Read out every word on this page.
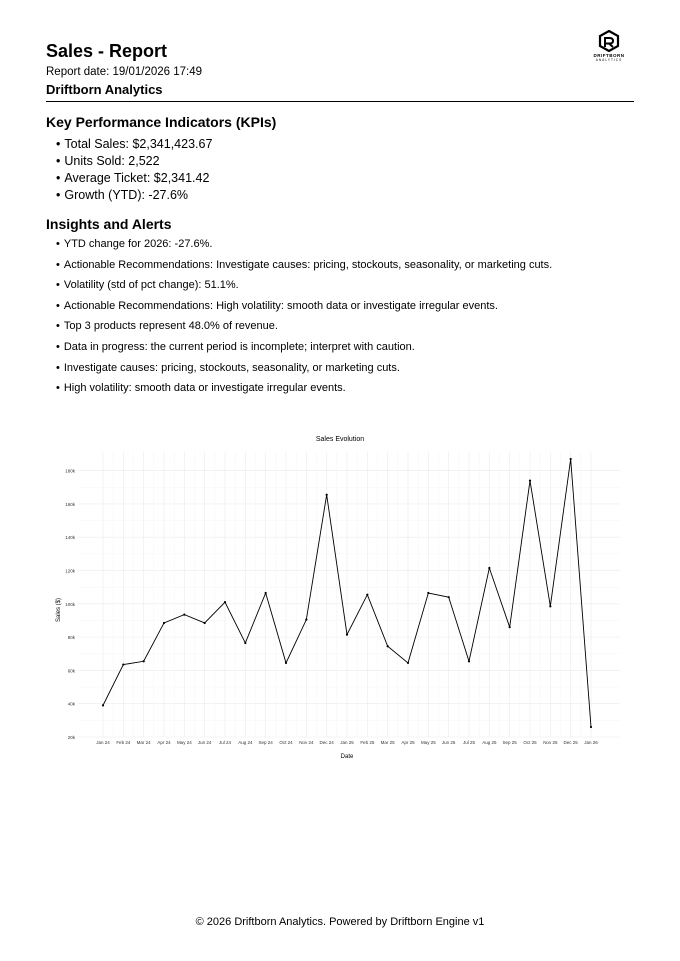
Sales - Report
Report date: 19/01/2026 17:49
Driftborn Analytics
DRIFTBORN
ANALYTICS
Key Performance Indicators (KPIs)
• Total Sales: $2,341,423.67
• Units Sold: 2,522
• Average Ticket: $2,341.42
• Growth (YTD): -27.6%
Insights and Alerts
• YTD change for 2026: -27.6%.
• Actionable Recommendations: Investigate causes: pricing, stockouts, seasonality, or marketing cuts.
• Volatility (std of pct change): 51.1%.
• Actionable Recommendations: High volatility: smooth data or investigate irregular events.
• Top 3 products represent 48.0% of revenue.
• Data in progress: the current period is incomplete; interpret with caution.
• Investigate causes: pricing, stockouts, seasonality, or marketing cuts.
• High volatility: smooth data or investigate irregular events.
20k
40k
60k
80k
100k
120k
140k
160k
180k
Jan 24 Feb 24 Mar 24 Apr 24 May 24 Jun 24 Jul 24 Aug 24 Sep 24 Oct 24 Nov 24 Dec 24 Jan 25 Feb 25 Mar 25 Apr 25 May 25 Jun 25 Jul 25 Aug 25 Sep 25 Oct 25 Nov 25 Dec 25 Jan 26
Sales Evolution
Date
Sales ($)
© 2026 Driftborn Analytics. Powered by Driftborn Engine v1
